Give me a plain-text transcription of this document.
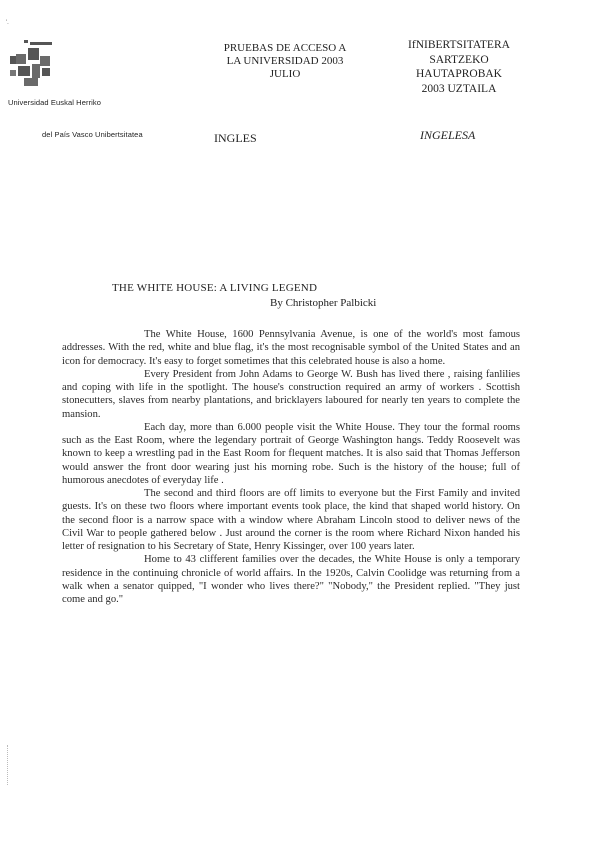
'.
Universidad Euskal Herriko
del País Vasco Unibertsitatea
PRUEBAS DE ACCESO A
LA UNIVERSIDAD 2003
JULIO
IfNIBERTSITATERA
SARTZEKO
HAUTAPROBAK
2003 UZTAILA
INGLES	INGELESA
THE WHITE HOUSE: A LIVING LEGEND
By Christopher Palbicki

The White House, 1600 Pennsylvania Avenue, is one of the world's most famous addresses. With the red, white and blue flag, it's the most recognisable symbol of the United States and an icon for democracy. It's easy to forget sometimes that this celebrated house is also a home.

Every President from John Adams to George W. Bush has lived there , raising fanlilies and coping with life in the spotlight. The house's construction required an army of workers . Scottish stonecutters, slaves from nearby plantations, and bricklayers laboured for nearly ten years to complete the mansion.

Each day, more than 6.000 people visit the White House. They tour the formal rooms such as the East Room, where the legendary portrait of George Washington hangs. Teddy Roosevelt was known to keep a wrestling pad in the East Room for flequent matches. It is also said that Thomas Jefferson would answer the front door wearing just his morning robe. Such is the history of the house; full of humorous anecdotes of everyday life .

The second and third floors are off limits to everyone but the First Family and invited guests. It's on these two floors where important events took place, the kind that shaped world history. On the second floor is a narrow space with a window where Abraham Lincoln stood to deliver news of the Civil War to people gathered below . Just around the corner is the room where Richard Nixon handed his letter of resignation to his Secretary of State, Henry Kissinger, over 100 years later.

Home to 43 clifferent families over the decades, the White House is only a temporary residence in the continuing chronicle of world affairs. In the 1920s, Calvin Coolidge was returning from a walk when a senator quipped, "I wonder who lives there?" "Nobody," the President replied. "They just come and go."
